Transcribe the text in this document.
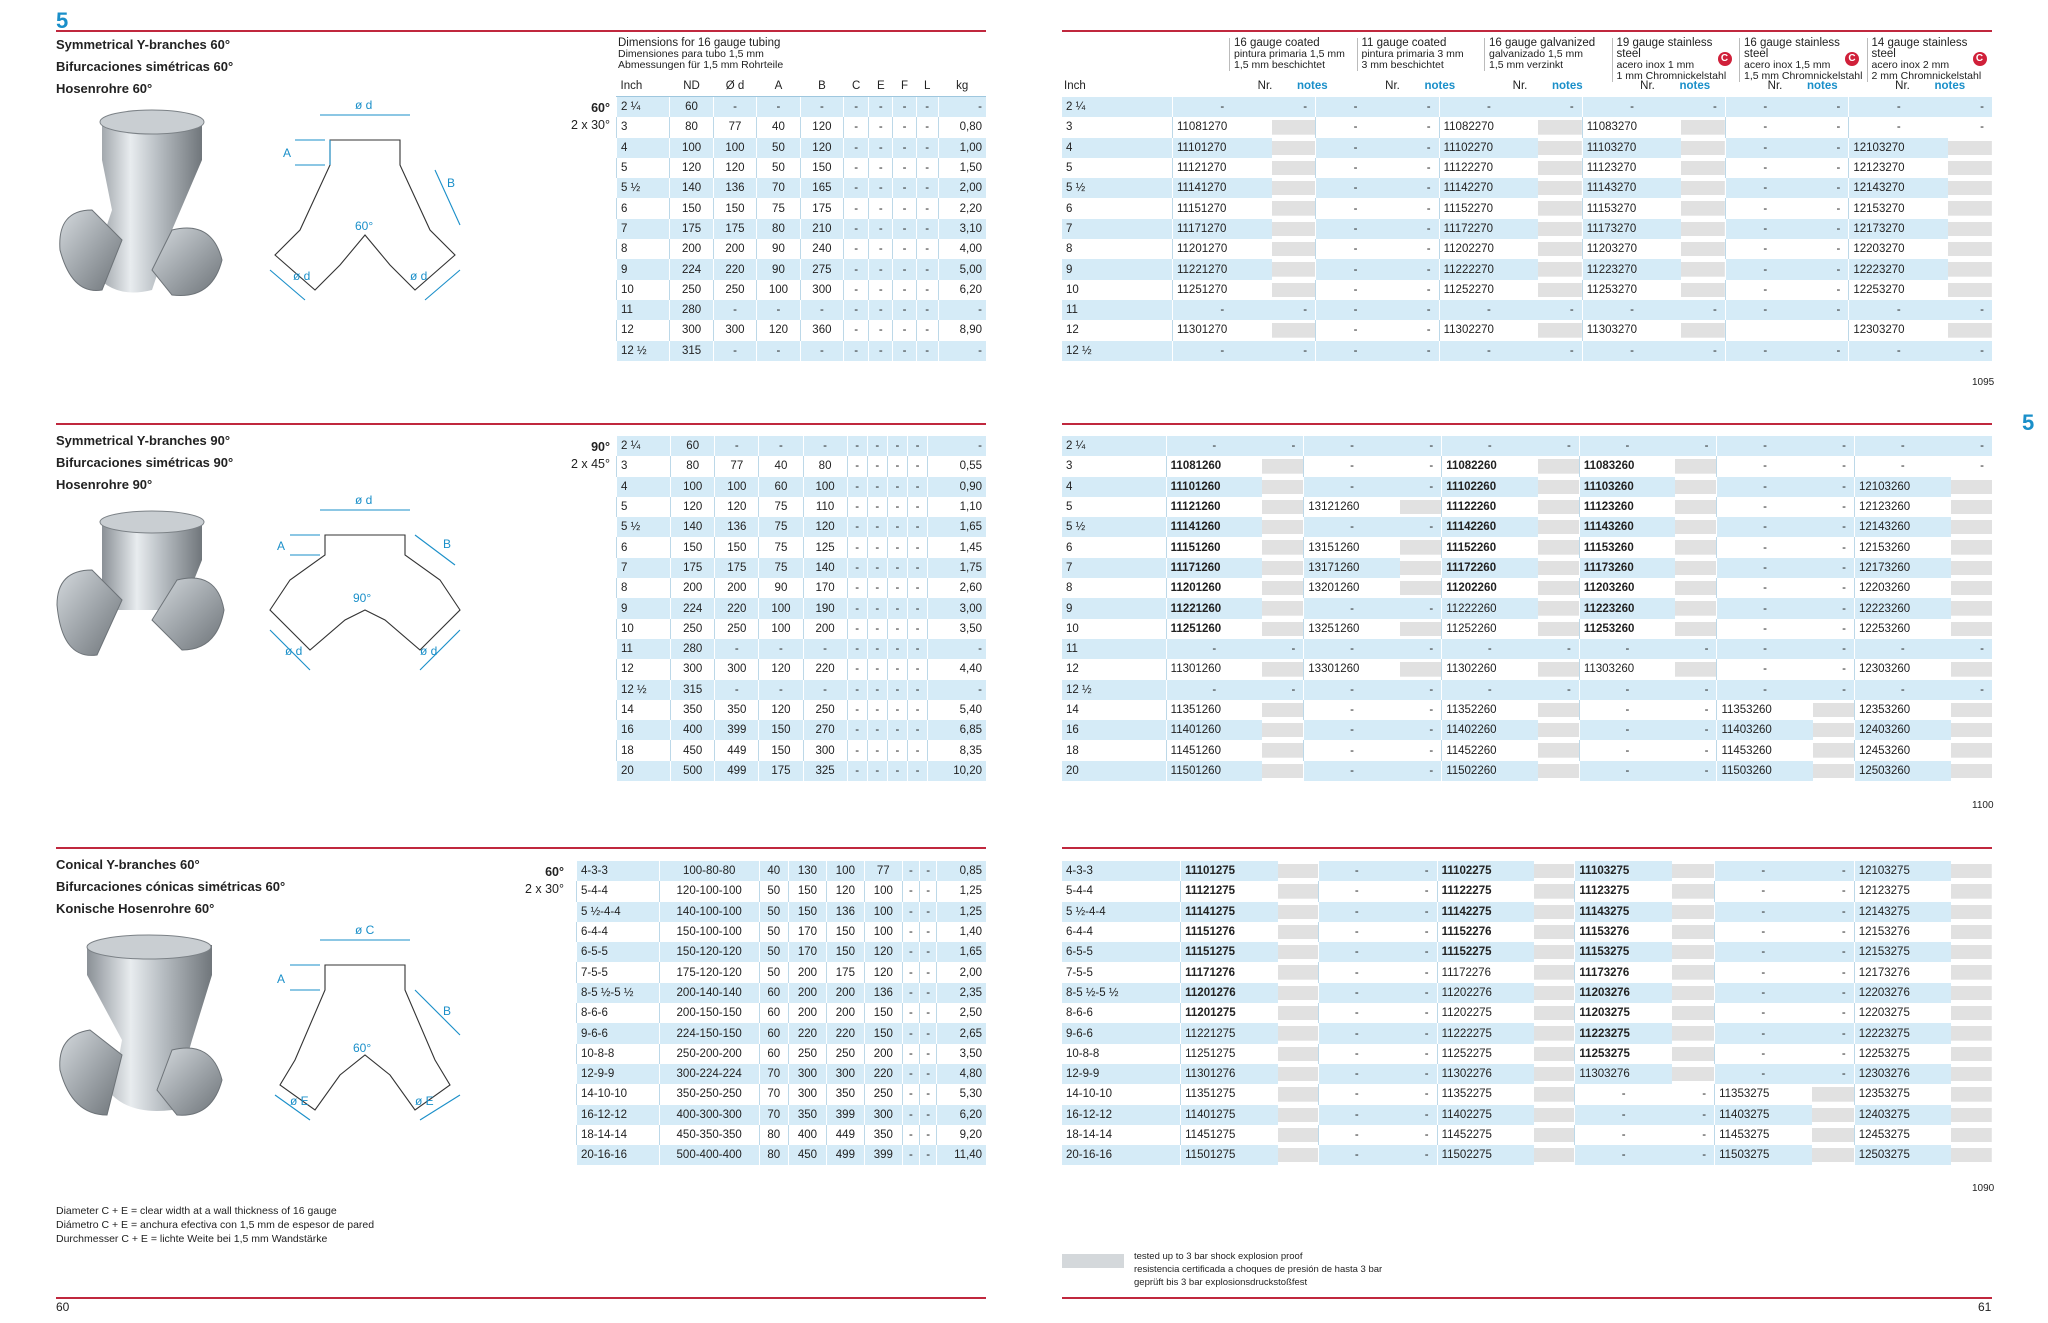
5
5
60	61
Symmetrical Y-branches 60°
Bifurcaciones simétricas 60°
Hosenrohre 60°
Symmetrical Y-branches 90°
Bifurcaciones simétricas 90°
Hosenrohre 90°
Conical Y-branches 60°
Bifurcaciones cónicas simétricas 60°
Konische Hosenrohre 60°
ø d
A
B
60°
ø d	ø d
ø d
A	B
90°
ø d	ø d
ø C
A
B
60°
ø E	ø E
Dimensions for 16 gauge tubing
Dimensiones para tubo 1,5 mm
Abmessungen für 1,5 mm Rohrteile
60°
2 x 30°
90°
2 x 45°
60°
2 x 30°
Inch	ND	Ø d	A	B	C	E	F	L	kg
2 ¼	60	-	-	-	-	-	-	-	-
3	80	77	40	120	-	-	-	-	0,80
4	100	100	50	120	-	-	-	-	1,00
5	120	120	50	150	-	-	-	-	1,50
5 ½	140	136	70	165	-	-	-	-	2,00
6	150	150	75	175	-	-	-	-	2,20
7	175	175	80	210	-	-	-	-	3,10
8	200	200	90	240	-	-	-	-	4,00
9	224	220	90	275	-	-	-	-	5,00
10	250	250	100	300	-	-	-	-	6,20
11	280	-	-	-	-	-	-	-	-
12	300	300	120	360	-	-	-	-	8,90
12 ½	315	-	-	-	-	-	-	-	-
2 ¼	60	-	-	-	-	-	-	-	-
3	80	77	40	80	-	-	-	-	0,55
4	100	100	60	100	-	-	-	-	0,90
5	120	120	75	110	-	-	-	-	1,10
5 ½	140	136	75	120	-	-	-	-	1,65
6	150	150	75	125	-	-	-	-	1,45
7	175	175	75	140	-	-	-	-	1,75
8	200	200	90	170	-	-	-	-	2,60
9	224	220	100	190	-	-	-	-	3,00
10	250	250	100	200	-	-	-	-	3,50
11	280	-	-	-	-	-	-	-	-
12	300	300	120	220	-	-	-	-	4,40
12 ½	315	-	-	-	-	-	-	-	-
14	350	350	120	250	-	-	-	-	5,40
16	400	399	150	270	-	-	-	-	6,85
18	450	449	150	300	-	-	-	-	8,35
20	500	499	175	325	-	-	-	-	10,20
4-3-3	100-80-80	40	130	100	77	-	-	0,85
5-4-4	120-100-100	50	150	120	100	-	-	1,25
5 ½-4-4	140-100-100	50	150	136	100	-	-	1,25
6-4-4	150-100-100	50	170	150	100	-	-	1,40
6-5-5	150-120-120	50	170	150	120	-	-	1,65
7-5-5	175-120-120	50	200	175	120	-	-	2,00
8-5 ½-5 ½	200-140-140	60	200	200	136	-	-	2,35
8-6-6	200-150-150	60	200	200	150	-	-	2,50
9-6-6	224-150-150	60	220	220	150	-	-	2,65
10-8-8	250-200-200	60	250	250	200	-	-	3,50
12-9-9	300-224-224	70	300	300	220	-	-	4,80
14-10-10	350-250-250	70	300	350	250	-	-	5,30
16-12-12	400-300-300	70	350	399	300	-	-	6,20
18-14-14	450-350-350	80	400	449	350	-	-	9,20
20-16-16	500-400-400	80	450	499	399	-	-	11,40
16 gauge coated
pintura primaria 1,5 mm
1,5 mm beschichtet
Nr. notes
11 gauge coated
pintura primaria 3 mm
3 mm beschichtet
Nr. notes
16 gauge galvanized
galvanizado 1,5 mm
1,5 mm verzinkt
Nr. notes
19 gauge stainless steel
acero inox 1 mm
1 mm Chromnickelstahl
C
Nr. notes
16 gauge stainless steel
acero inox 1,5 mm
1,5 mm Chromnickelstahl
C
Nr. notes
14 gauge stainless steel
acero inox 2 mm
2 mm Chromnickelstahl
C
Nr. notes
Inch
2 ¼	-	-	-	-	-	-	-	-	-	-	-	-
3	11081270		-	-	11082270		11083270		-	-	-	-
4	11101270		-	-	11102270		11103270		-	-	12103270	
5	11121270		-	-	11122270		11123270		-	-	12123270	
5 ½	11141270		-	-	11142270		11143270		-	-	12143270	
6	11151270		-	-	11152270		11153270		-	-	12153270	
7	11171270		-	-	11172270		11173270		-	-	12173270	
8	11201270		-	-	11202270		11203270		-	-	12203270	
9	11221270		-	-	11222270		11223270		-	-	12223270	
10	11251270		-	-	11252270		11253270		-	-	12253270	
11	-	-	-	-	-	-	-	-	-	-	-	-
12	11301270		-	-	11302270		11303270				12303270	
12 ½	-	-	-	-	-	-	-	-	-	-	-	-
2 ¼	-	-	-	-	-	-	-	-	-	-	-	-
3	11081260		-	-	11082260		11083260		-	-	-	-
4	11101260		-	-	11102260		11103260		-	-	12103260	
5	11121260		13121260		11122260		11123260		-	-	12123260	
5 ½	11141260		-	-	11142260		11143260		-	-	12143260	
6	11151260		13151260		11152260		11153260		-	-	12153260	
7	11171260		13171260		11172260		11173260		-	-	12173260	
8	11201260		13201260		11202260		11203260		-	-	12203260	
9	11221260		-	-	11222260		11223260		-	-	12223260	
10	11251260		13251260		11252260		11253260		-	-	12253260	
11	-	-	-	-	-	-	-	-	-	-	-	-
12	11301260		13301260		11302260		11303260		-	-	12303260	
12 ½	-	-	-	-	-	-	-	-	-	-	-	-
14	11351260		-	-	11352260		-	-	11353260		12353260	
16	11401260		-	-	11402260		-	-	11403260		12403260	
18	11451260		-	-	11452260		-	-	11453260		12453260	
20	11501260		-	-	11502260		-	-	11503260		12503260	
4-3-3	11101275		-	-	11102275		11103275		-	-	12103275	
5-4-4	11121275		-	-	11122275		11123275		-	-	12123275	
5 ½-4-4	11141275		-	-	11142275		11143275		-	-	12143275	
6-4-4	11151276		-	-	11152276		11153276		-	-	12153276	
6-5-5	11151275		-	-	11152275		11153275		-	-	12153275	
7-5-5	11171276		-	-	11172276		11173276		-	-	12173276	
8-5 ½-5 ½	11201276		-	-	11202276		11203276		-	-	12203276	
8-6-6	11201275		-	-	11202275		11203275		-	-	12203275	
9-6-6	11221275		-	-	11222275		11223275		-	-	12223275	
10-8-8	11251275		-	-	11252275		11253275		-	-	12253275	
12-9-9	11301276		-	-	11302276		11303276		-	-	12303276	
14-10-10	11351275		-	-	11352275		-	-	11353275		12353275	
16-12-12	11401275		-	-	11402275		-	-	11403275		12403275	
18-14-14	11451275		-	-	11452275		-	-	11453275		12453275	
20-16-16	11501275		-	-	11502275		-	-	11503275		12503275	
1095
1100
1090
Diameter C + E = clear width at a wall thickness of 16 gauge
Diámetro C + E = anchura efectiva con 1,5 mm de espesor de pared
Durchmesser C + E = lichte Weite bei 1,5 mm Wandstärke
tested up to 3 bar shock explosion proof
resistencia certificada a choques de presión de hasta 3 bar
geprüft bis 3 bar explosionsdruckstoßfest
